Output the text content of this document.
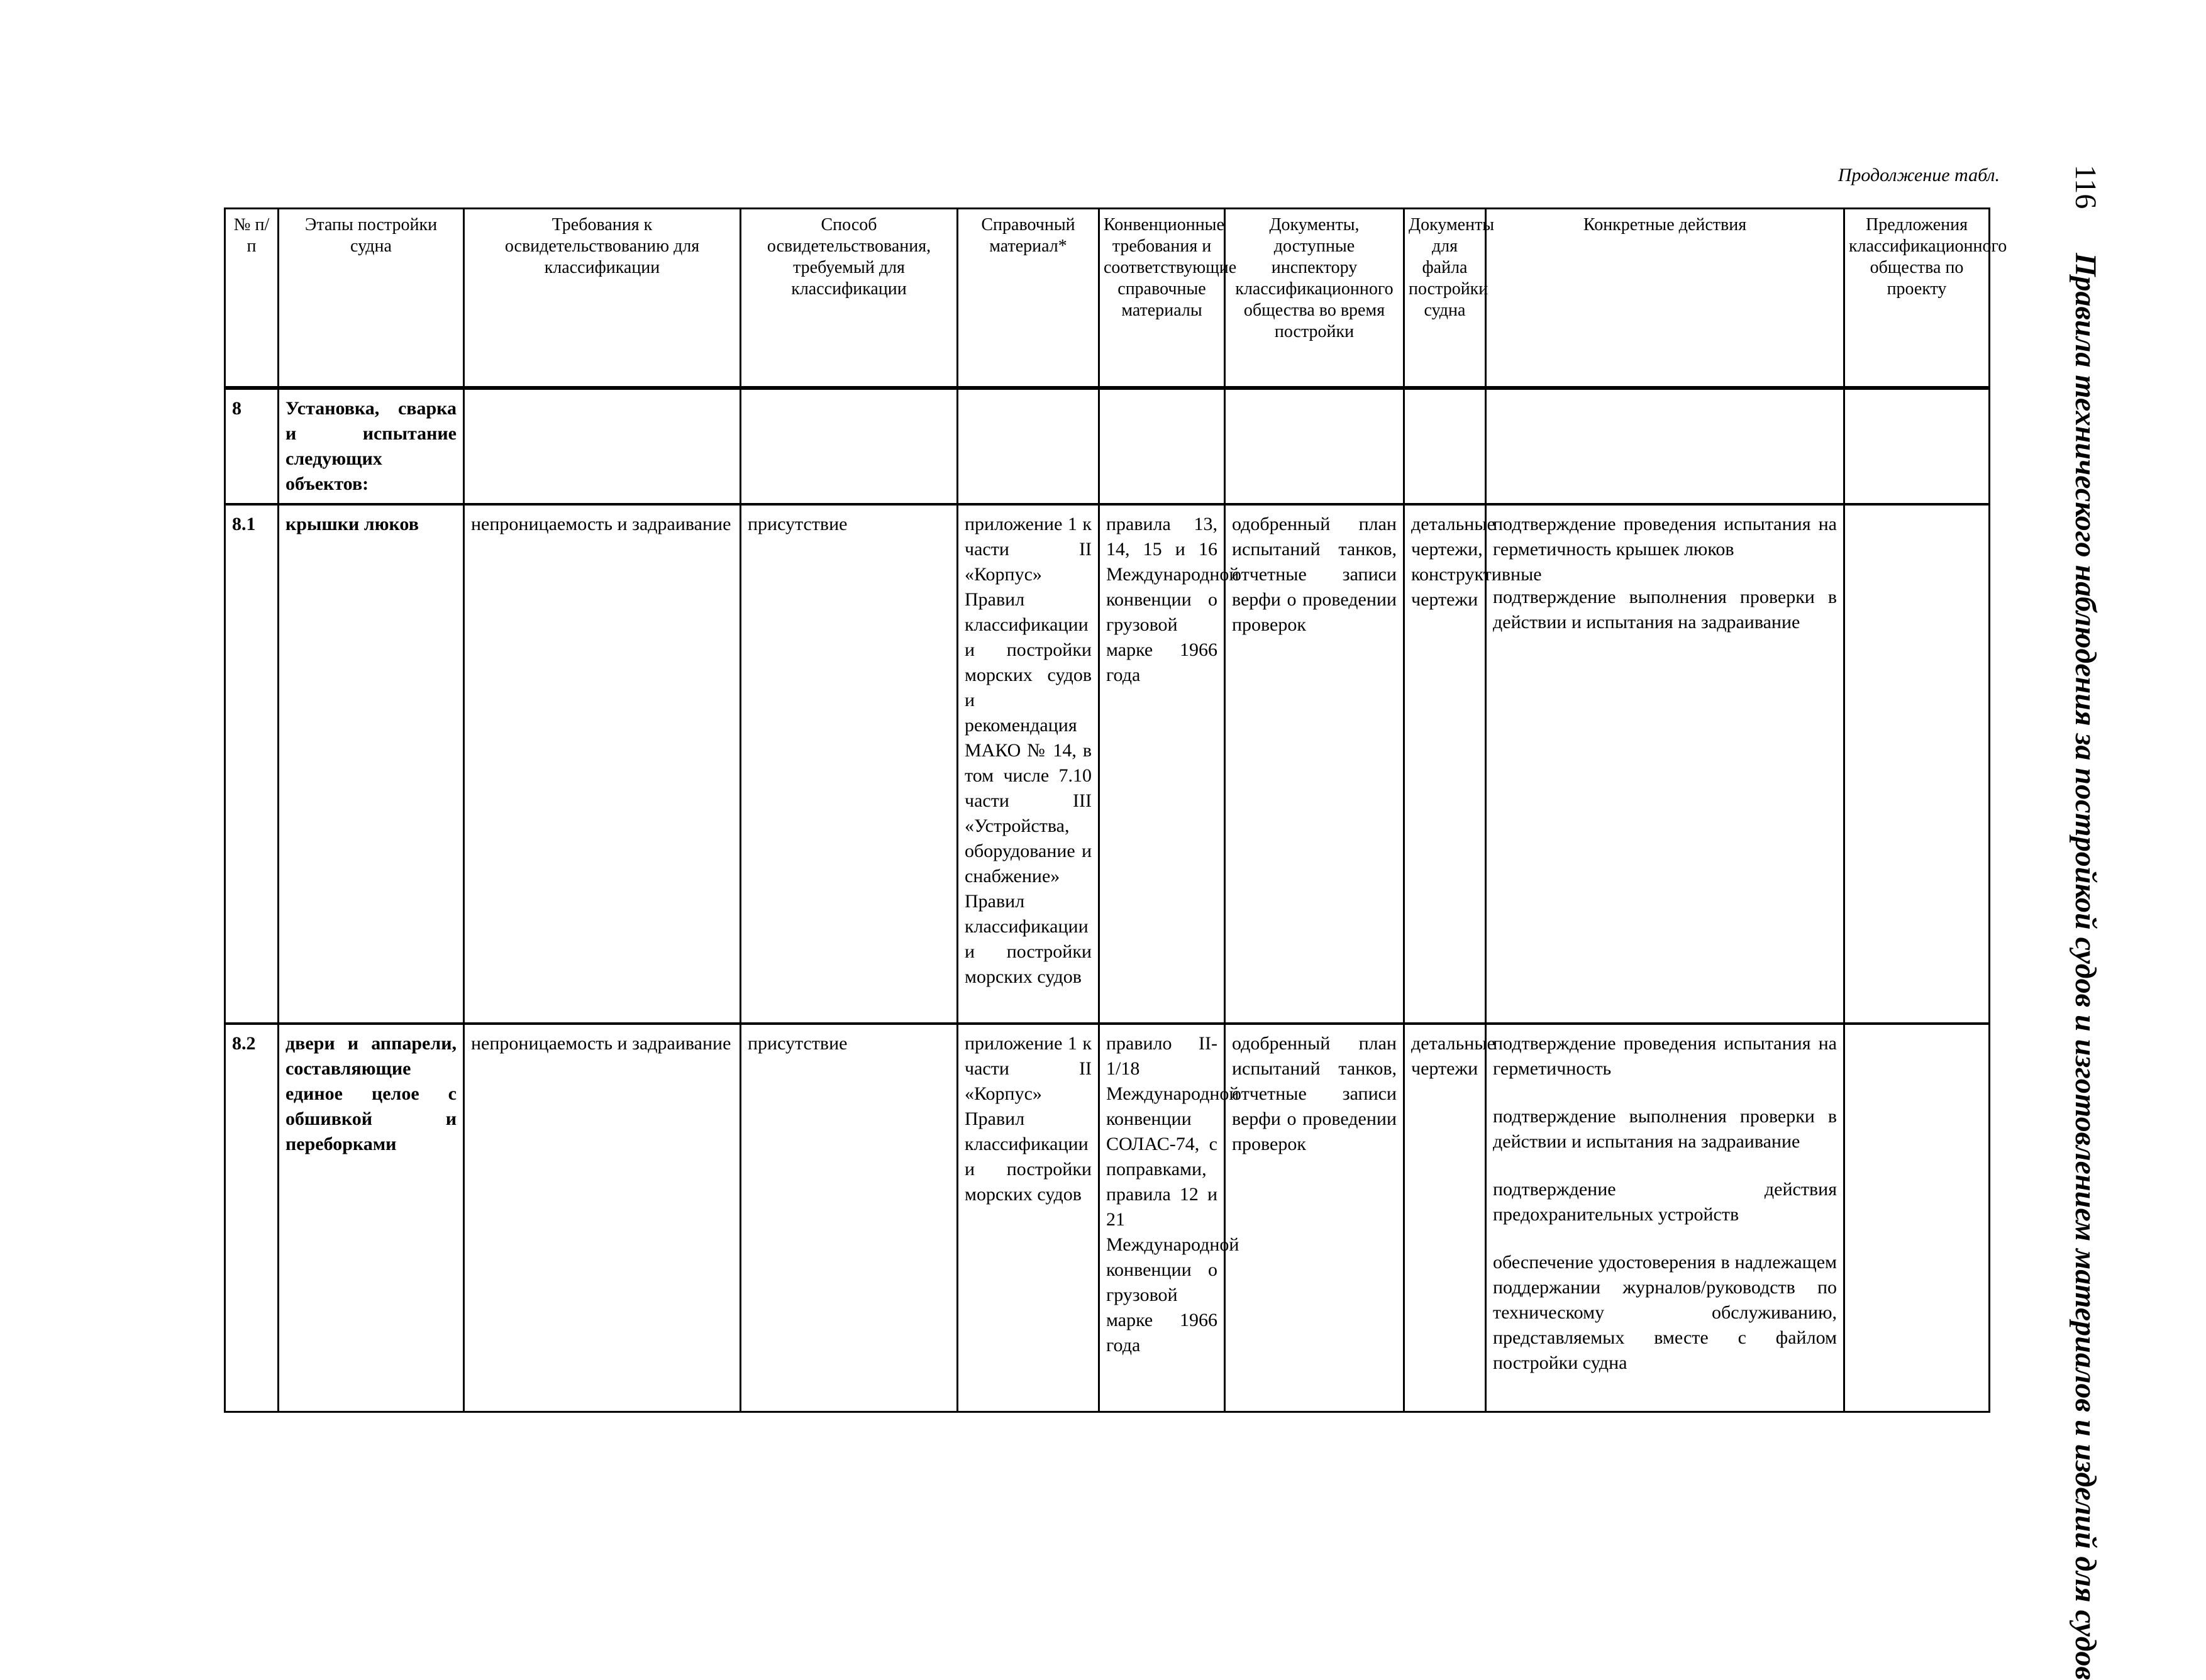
Продолжение табл.	116Правила технического наблюдения за постройкой судов и изготовлением материалов и изделий для судов
№ п/п	Этапы постройки судна	Требования к освидетельствованию для классификации	Способ освидетельствования, требуемый для классификации	Справочный материал*	Конвенционные требования и соответствующие справочные материалы	Документы, доступные инспектору классификационного общества во время постройки	Документы для файла постройки судна	Конкретные действия	Предложения классификационного общества по проекту
8	Установка, сварка и испытание следующих объектов:								
8.1	крышки люков	непроницаемость и задраивание	присутствие	приложение 1 к части II «Корпус» Правил классификации и постройки морских судов и рекомендация МАКО № 14, в том числе 7.10 части III «Устройства, оборудование и снабжение» Правил классификации и постройки морских судов	правила 13, 14, 15 и 16 Международной конвенции о грузовой марке 1966 года	одобренный план испытаний танков, отчетные записи верфи о проведении проверок	детальные чертежи, конструктивные чертежи	подтверждение проведения испытания на герметичность крышек люков

подтверждение выполнения проверки в действии и испытания на задраивание	

8.2	двери и аппарели, составляющие единое целое с обшивкой и переборками	непроницаемость и задраивание	присутствие	приложение 1 к части II «Корпус» Правил классификации и постройки морских судов	правило II-1/18 Международной конвенции СОЛАС-74, с поправками, правила 12 и 21 Международной конвенции о грузовой марке 1966 года	одобренный план испытаний танков, отчетные записи верфи о проведении проверок	детальные чертежи	подтверждение проведения испытания на герметичность

подтверждение выполнения проверки в действии и испытания на задраивание

подтверждение действия предохранительных устройств

обеспечение удостоверения в надлежащем поддержании журналов/руководств по техническому обслуживанию, представляемых вместе с файлом постройки судна	
